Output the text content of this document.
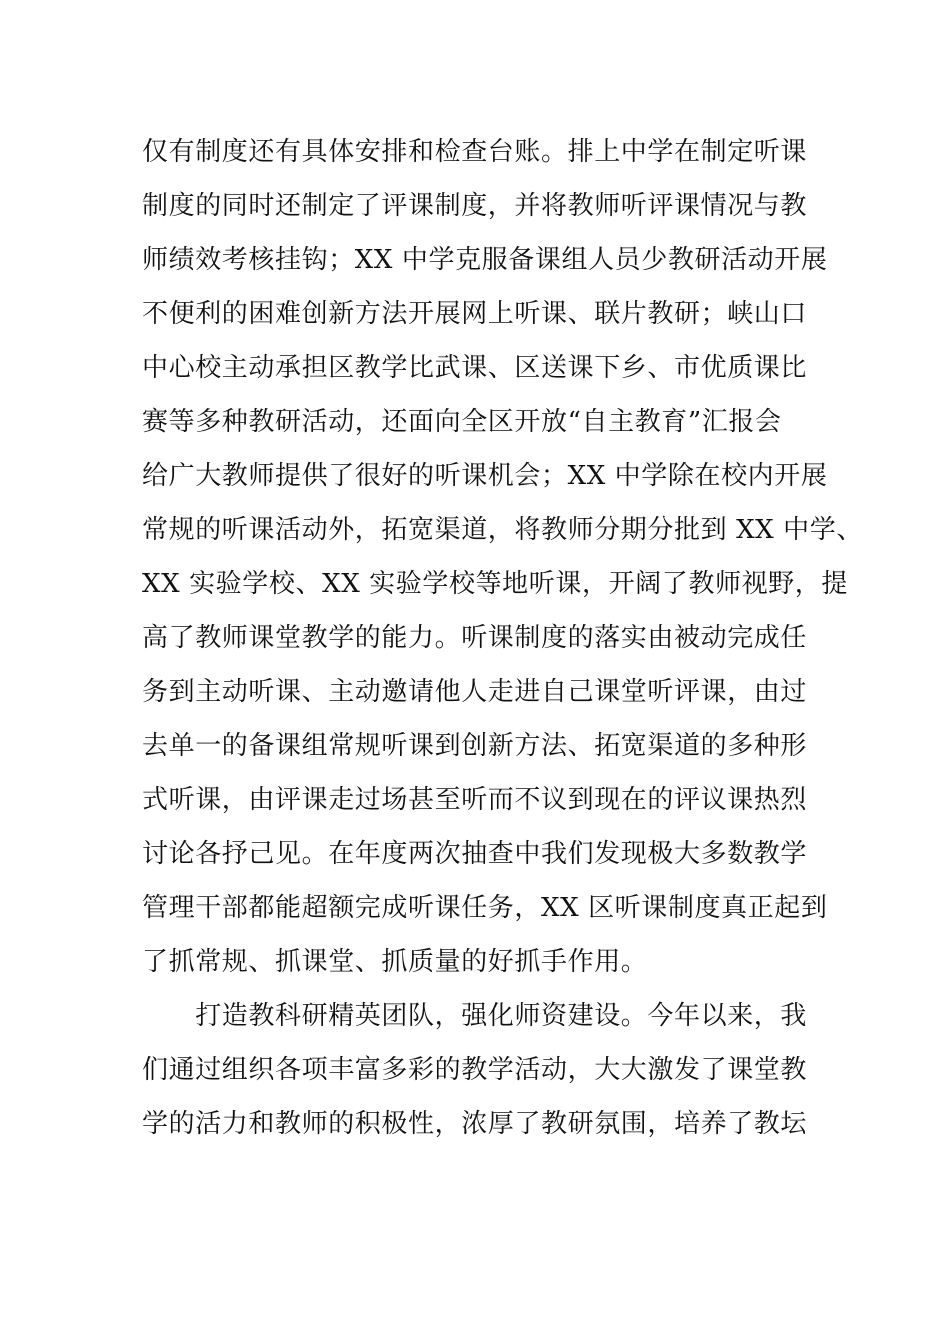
仅有制度还有具体安排和检查台账。排上中学在制定听课
制度的同时还制定了评课制度，并将教师听评课情况与教
师绩效考核挂钩；XX 中学克服备课组人员少教研活动开展
不便利的困难创新方法开展网上听课、联片教研；峡山口
中心校主动承担区教学比武课、区送课下乡、市优质课比
赛等多种教研活动，还面向全区开放“自主教育”汇报会
给广大教师提供了很好的听课机会；XX 中学除在校内开展
常规的听课活动外，拓宽渠道，将教师分期分批到 XX 中学、
XX 实验学校、XX 实验学校等地听课，开阔了教师视野，提
高了教师课堂教学的能力。听课制度的落实由被动完成任
务到主动听课、主动邀请他人走进自己课堂听评课，由过
去单一的备课组常规听课到创新方法、拓宽渠道的多种形
式听课，由评课走过场甚至听而不议到现在的评议课热烈
讨论各抒己见。在年度两次抽查中我们发现极大多数教学
管理干部都能超额完成听课任务，XX 区听课制度真正起到
了抓常规、抓课堂、抓质量的好抓手作用。
　　打造教科研精英团队，强化师资建设。今年以来，我
们通过组织各项丰富多彩的教学活动，大大激发了课堂教
学的活力和教师的积极性，浓厚了教研氛围，培养了教坛
